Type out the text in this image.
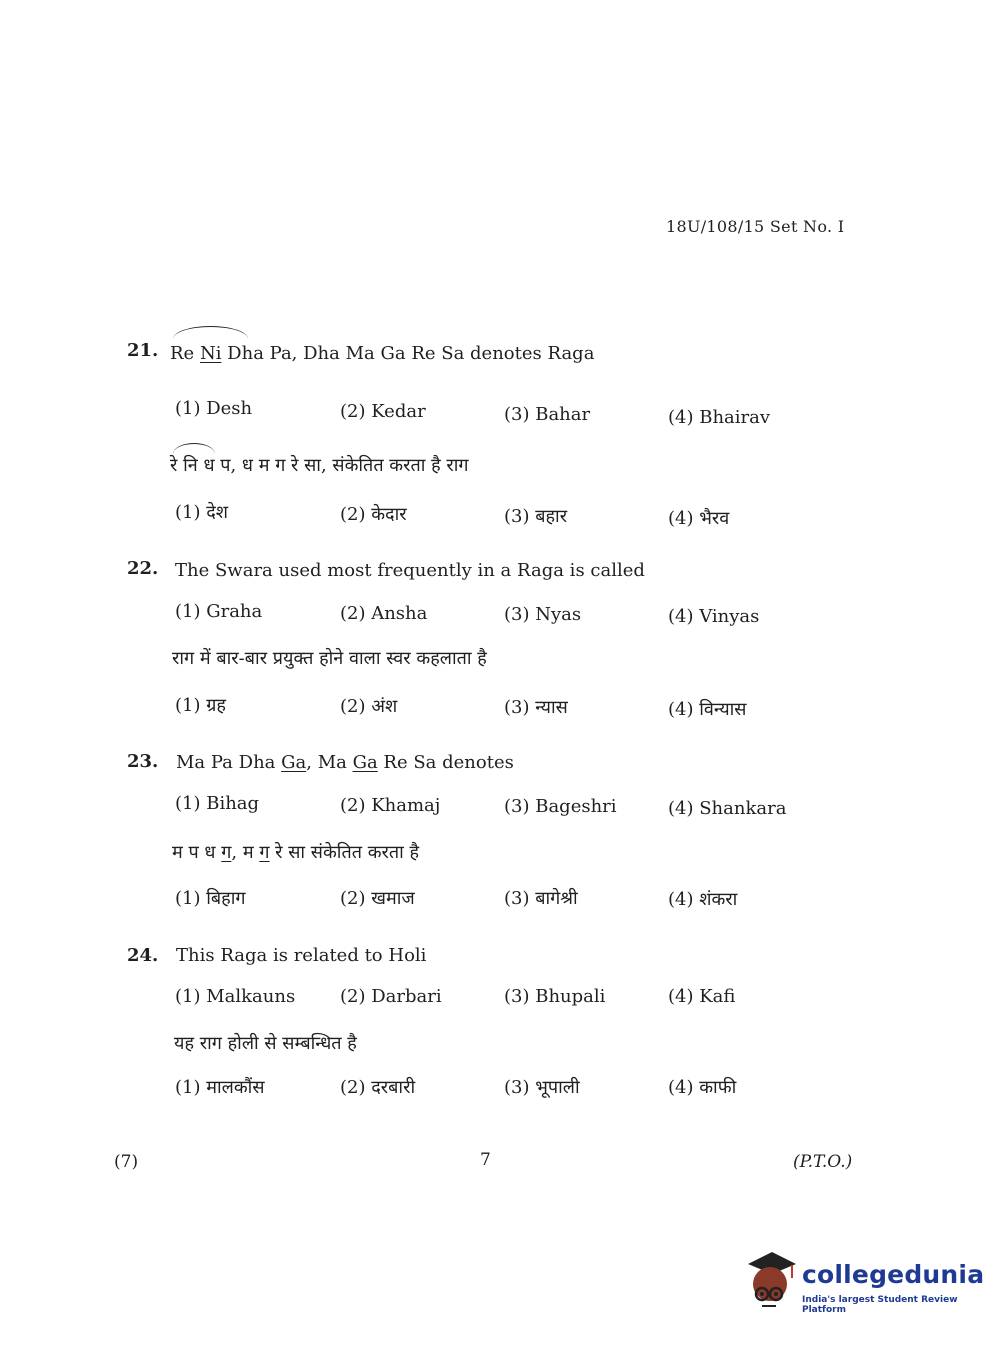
18U/108/15 Set No. I
21. Re Ni Dha Pa, Dha Ma Ga Re Sa denotes Raga
(1) Desh	(2) Kedar	(3) Bahar	(4) Bhairav
रे नि ध प, ध म ग रे सा, संकेतित करता है राग
(1) देश	(2) केदार	(3) बहार	(4) भैरव
22. The Swara used most frequently in a Raga is called
(1) Graha	(2) Ansha	(3) Nyas	(4) Vinyas
राग में बार-बार प्रयुक्त होने वाला स्वर कहलाता है
(1) ग्रह	(2) अंश	(3) न्यास	(4) विन्यास
23. Ma Pa Dha Ga, Ma Ga Re Sa denotes
(1) Bihag	(2) Khamaj	(3) Bageshri	(4) Shankara
म प ध ग, म ग रे सा संकेतित करता है
(1) बिहाग	(2) खमाज	(3) बागेश्री	(4) शंकरा
24. This Raga is related to Holi
(1) Malkauns (2) Darbari	(3) Bhupali	(4) Kafi
यह राग होली से सम्बन्धित है
(1) मालकौंस	(2) दरबारी	(3) भूपाली	(4) काफी
(7)	7	(P.T.O.)
collegedunia
India's largest Student Review Platform
